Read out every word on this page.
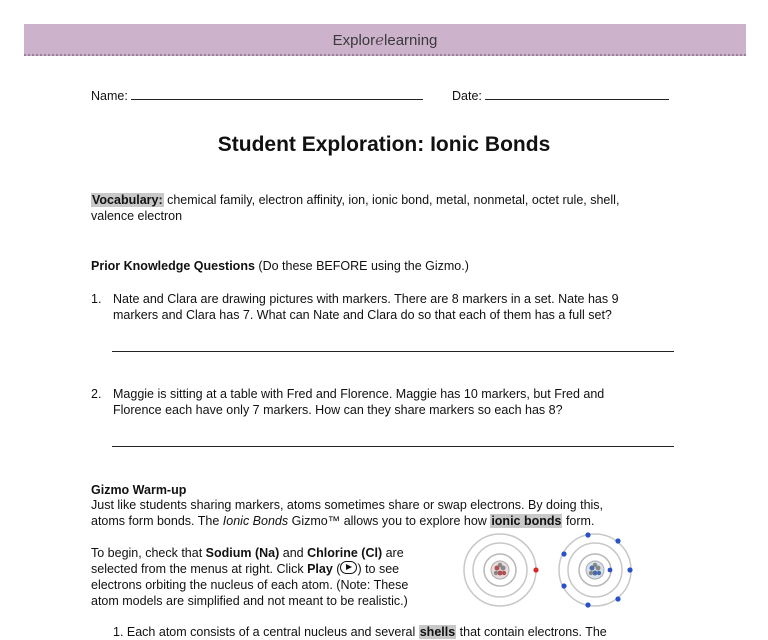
Explorelearning
Name:	Date:
Student Exploration: Ionic Bonds
Vocabulary: chemical family, electron affinity, ion, ionic bond, metal, nonmetal, octet rule, shell,
valence electron
Prior Knowledge Questions (Do these BEFORE using the Gizmo.)
1. Nate and Clara are drawing pictures with markers. There are 8 markers in a set. Nate has 9
markers and Clara has 7. What can Nate and Clara do so that each of them has a full set?
2. Maggie is sitting at a table with Fred and Florence. Maggie has 10 markers, but Fred and
Florence each have only 7 markers. How can they share markers so each has 8?
Gizmo Warm-up
Just like students sharing markers, atoms sometimes share or swap electrons. By doing this,
atoms form bonds. The Ionic Bonds Gizmo™ allows you to explore how ionic bonds form.
To begin, check that Sodium (Na) and Chlorine (Cl) are
selected from the menus at right. Click Play ( ) to see
electrons orbiting the nucleus of each atom. (Note: These
atom models are simplified and not meant to be realistic.)
1. Each atom consists of a central nucleus and several shells that contain electrons. The
